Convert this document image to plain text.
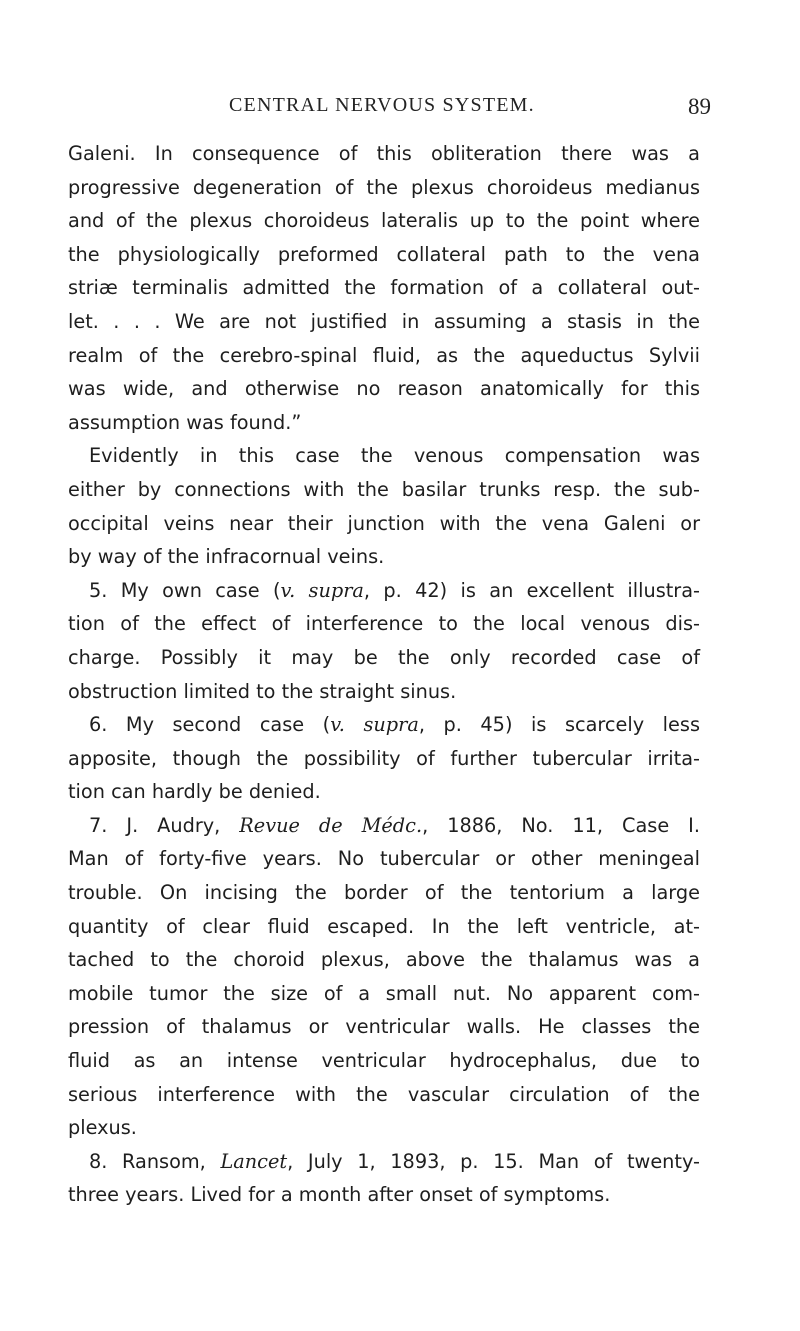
CENTRAL NERVOUS SYSTEM.	89
Galeni. In consequence of this obliteration there was a
progressive degeneration of the plexus choroideus medianus
and of the plexus choroideus lateralis up to the point where
the physiologically preformed collateral path to the vena
striæ terminalis admitted the formation of a collateral out-
let. . . . We are not justified in assuming a stasis in the
realm of the cerebro-spinal fluid, as the aqueductus Sylvii
was wide, and otherwise no reason anatomically for this
assumption was found.”
Evidently in this case the venous compensation was
either by connections with the basilar trunks resp. the sub-
occipital veins near their junction with the vena Galeni or
by way of the infracornual veins.
5. My own case (v. supra, p. 42) is an excellent illustra-
tion of the effect of interference to the local venous dis-
charge. Possibly it may be the only recorded case of
obstruction limited to the straight sinus.
6. My second case (v. supra, p. 45) is scarcely less
apposite, though the possibility of further tubercular irrita-
tion can hardly be denied.
7. J. Audry, Revue de Médc., 1886, No. 11, Case I.
Man of forty-five years. No tubercular or other meningeal
trouble. On incising the border of the tentorium a large
quantity of clear fluid escaped. In the left ventricle, at-
tached to the choroid plexus, above the thalamus was a
mobile tumor the size of a small nut. No apparent com-
pression of thalamus or ventricular walls. He classes the
fluid as an intense ventricular hydrocephalus, due to
serious interference with the vascular circulation of the
plexus.
8. Ransom, Lancet, July 1, 1893, p. 15. Man of twenty-
three years. Lived for a month after onset of symptoms.
